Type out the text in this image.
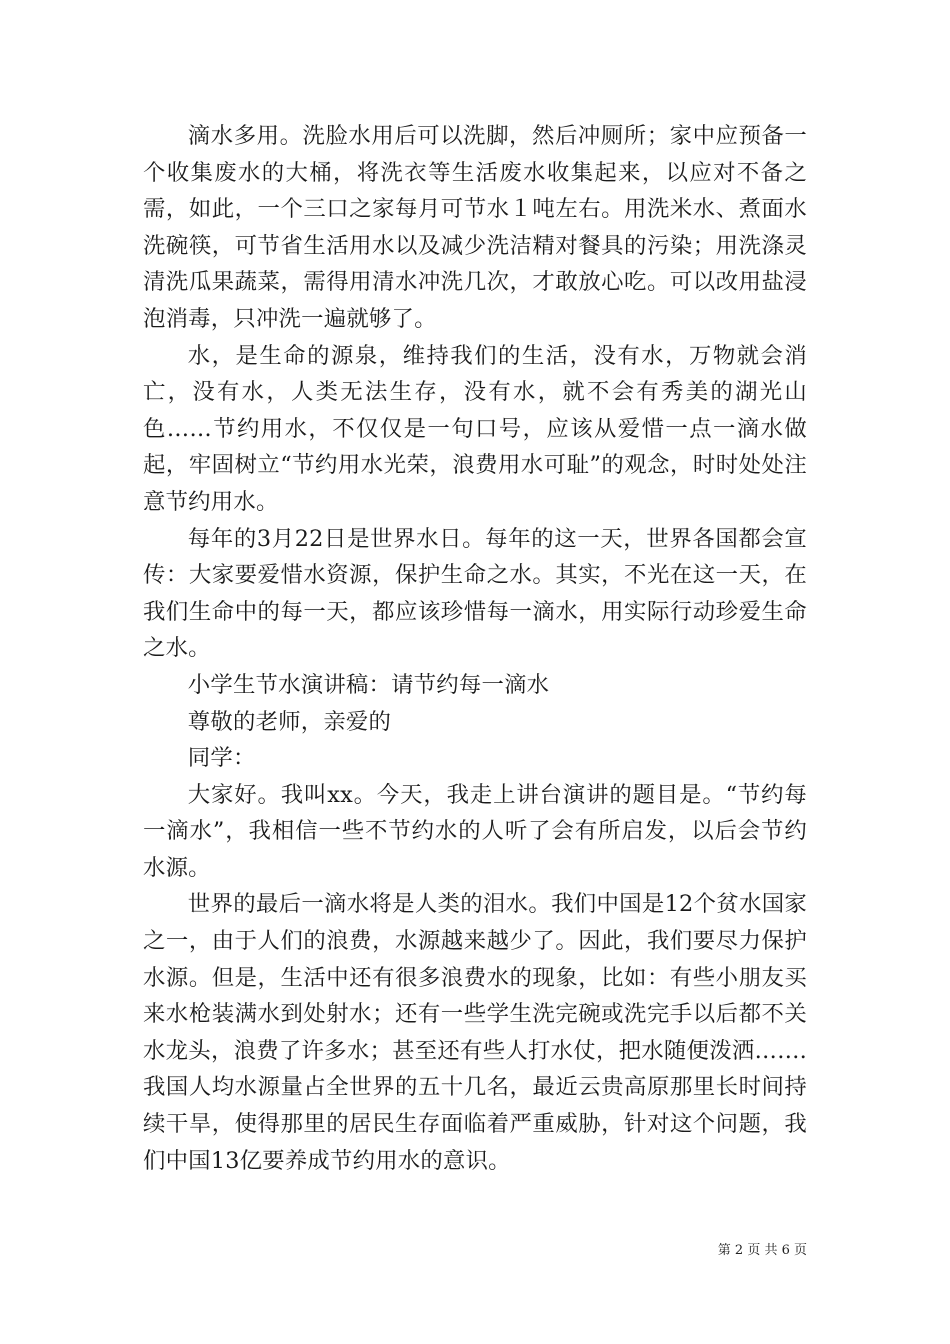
滴水多用。洗脸水用后可以洗脚，然后冲厕所；家中应预备一个收集废水的大桶，将洗衣等生活废水收集起来，以应对不备之需，如此，一个三口之家每月可节水１吨左右。用洗米水、煮面水洗碗筷，可节省生活用水以及减少洗洁精对餐具的污染；用洗涤灵清洗瓜果蔬菜，需得用清水冲洗几次，才敢放心吃。可以改用盐浸泡消毒，只冲洗一遍就够了。

水，是生命的源泉，维持我们的生活，没有水，万物就会消亡，没有水，人类无法生存，没有水，就不会有秀美的湖光山色……节约用水，不仅仅是一句口号，应该从爱惜一点一滴水做起，牢固树立“节约用水光荣，浪费用水可耻”的观念，时时处处注意节约用水。

每年的3月22日是世界水日。每年的这一天，世界各国都会宣传：大家要爱惜水资源，保护生命之水。其实，不光在这一天，在我们生命中的每一天，都应该珍惜每一滴水，用实际行动珍爱生命之水。

小学生节水演讲稿：请节约每一滴水

尊敬的老师，亲爱的

同学：

大家好。我叫xx。今天，我走上讲台演讲的题目是。“节约每一滴水”，我相信一些不节约水的人听了会有所启发，以后会节约水源。

世界的最后一滴水将是人类的泪水。我们中国是12个贫水国家之一，由于人们的浪费，水源越来越少了。因此，我们要尽力保护水源。但是，生活中还有很多浪费水的现象，比如：有些小朋友买来水枪装满水到处射水；还有一些学生洗完碗或洗完手以后都不关水龙头，浪费了许多水；甚至还有些人打水仗，把水随便泼洒…….我国人均水源量占全世界的五十几名，最近云贵高原那里长时间持续干旱，使得那里的居民生存面临着严重威胁，针对这个问题，我们中国13亿要养成节约用水的意识。

第 2 页 共 6 页
